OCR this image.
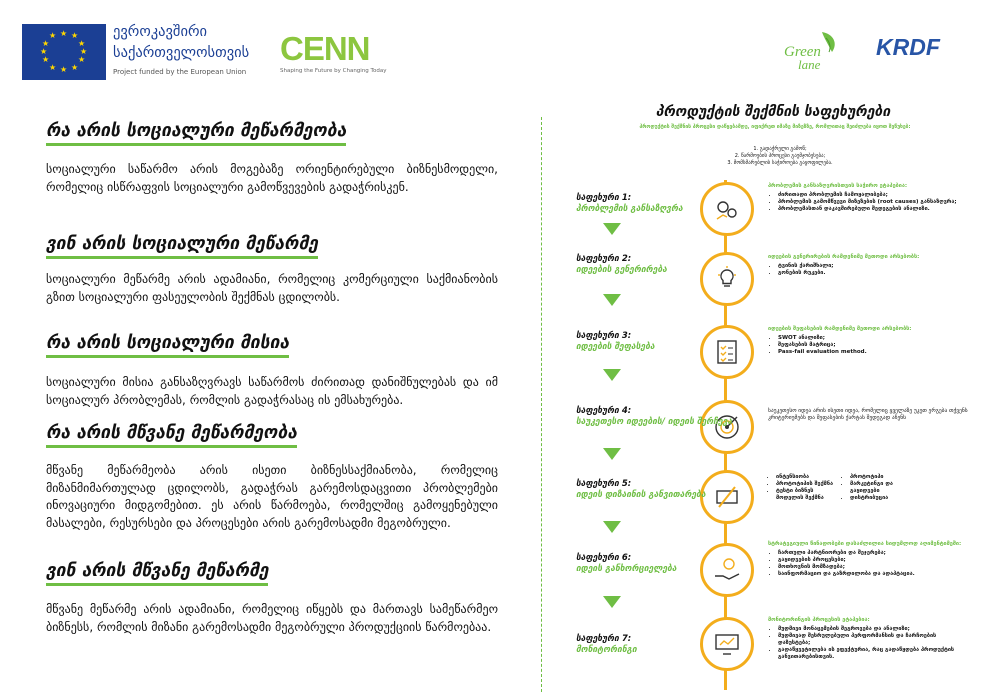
★ ★
★
★
★
★
★
★
★
★
★
★	ევროკავშირი
საქართველოსთვის
Project funded by the European Union
CENN
Shaping the Future by Changing Today
Green
lane
KRDF

რა არის სოციალური მეწარმეობა
სოციალური საწარმო არის მოგებაზე ორიენტირებული ბიზნესმოდელი, რომელიც ისწრაფვის სოციალური გამოწვევების გადაჭრისკენ.
ვინ არის სოციალური მეწარმე
სოციალური მეწარმე არის ადამიანი, რომელიც კომერციული საქმიანობის გზით სოციალური ფასეულობის შექმნას ცდილობს.
რა არის სოციალური მისია
სოციალური მისია განსაზღვრავს საწარმოს ძირითად დანიშნულებას და იმ სოციალურ პრობლემას, რომლის გადაჭრასაც ის ემსახურება.
რა არის მწვანე მეწარმეობა
მწვანე მეწარმეობა არის ისეთი ბიზნესსაქმიანობა, რომელიც მიზანმიმართულად ცდილობს, გადაჭრას გარემოსდაცვითი პრობლემები ინოვაციური მიდგომებით. ეს არის წარმოება, რომელშიც გამოყენებული მასალები, რესურსები და პროცესები არის გარემოსადმი მეგობრული.
ვინ არის მწვანე მეწარმე
მწვანე მეწარმე არის ადამიანი, რომელიც იწყებს და მართავს სამეწარმეო ბიზნესს, რომლის მიზანი გარემოსადმი მეგობრული პროდუქციის წარმოებაა.
პროდუქტის შექმნის საფეხურები
პროდუქტის შექმნის პროცესი დაწყებამდე, იფიქრეთ იმაზე მიზეზზე, რომლითაც შეიძლება იყოთ შეწუხებ:
1. გადაჭრელი გამოწ;
2. წარმოების პროცესი გაუმჯობესება;
3. მომსმარებლის საჭიროება გაყოფილება.
საფეხური 1:
პრობლემის განსაზღვრა
საფეხური 2:
იდეების გენერირება
საფეხური 3:
იდეების შეფასება
საფეხური 4:
საუკეთესო იდეების/ იდეის შერჩევა
საფეხური 5:
იდეის დიზაინის განვითარება
საფეხური 6:
იდეის განხორციელება
საფეხური 7:
მონიტორინგი
პრობლემის განსაზღვრისთვის საჭირო ეტაპებია:
• ძირითადი პრობლემის ჩამოყალიბება;
• პრობლემის გამომწვევი მიზეზების (root causes) განსაზღვრა;
• პრობლემასთან დაკავშირებული შედეგების ანალიზი.
იდეების გენერირების რამდენიმე მეთოდი არსებობს:
• ტვინის ქარიშხალი;
• გონების რუკები.
იდეების შეფასების რამდენიმე მეთოდი არსებობს:
• SWOT ანალიზი;
• შეფასების მატრიცა;
• Pass-fail evaluation method.
საუკეთესო იდეა არის ისეთი იდეა, რომელიც ყველაზე უკეთ ერგება თქვენს კრიტერიუმებს და შეფასების ქარტას შედეგად აჩენს
• ინტენსიობა
• პროტოტიპის შექმნა
• ტესტი ბიზნეს მოდელის შექმნა
• პროტოტიპი
• მარკეტინგი და გაყიდვები
• დისტრიბუცია
სტრატეგიული წინადობები დასაძლილია სიდუმლოდ აღიმენტიმეში:
• ჩართული პარტნიორები და შეჯერება;
• გაყიდვების პროცესები;
• მოთხოვნის მომზადება;
• საინფორმაციო და გაზრდილობა და ადაპტაცია.
მონიტორინგის პროცესის ეტაპებია:
• მუდმივი მონაცემების შეგროვება და ანალიზი;
• მუდმივად შესრულებული პერფორმანსის და ჩარჩოების დაზუსტება;
• გადაწყვეტილება ის ეფექტურია, რაც გადაწყდება პროდუქტის განვითარებისთვის.
